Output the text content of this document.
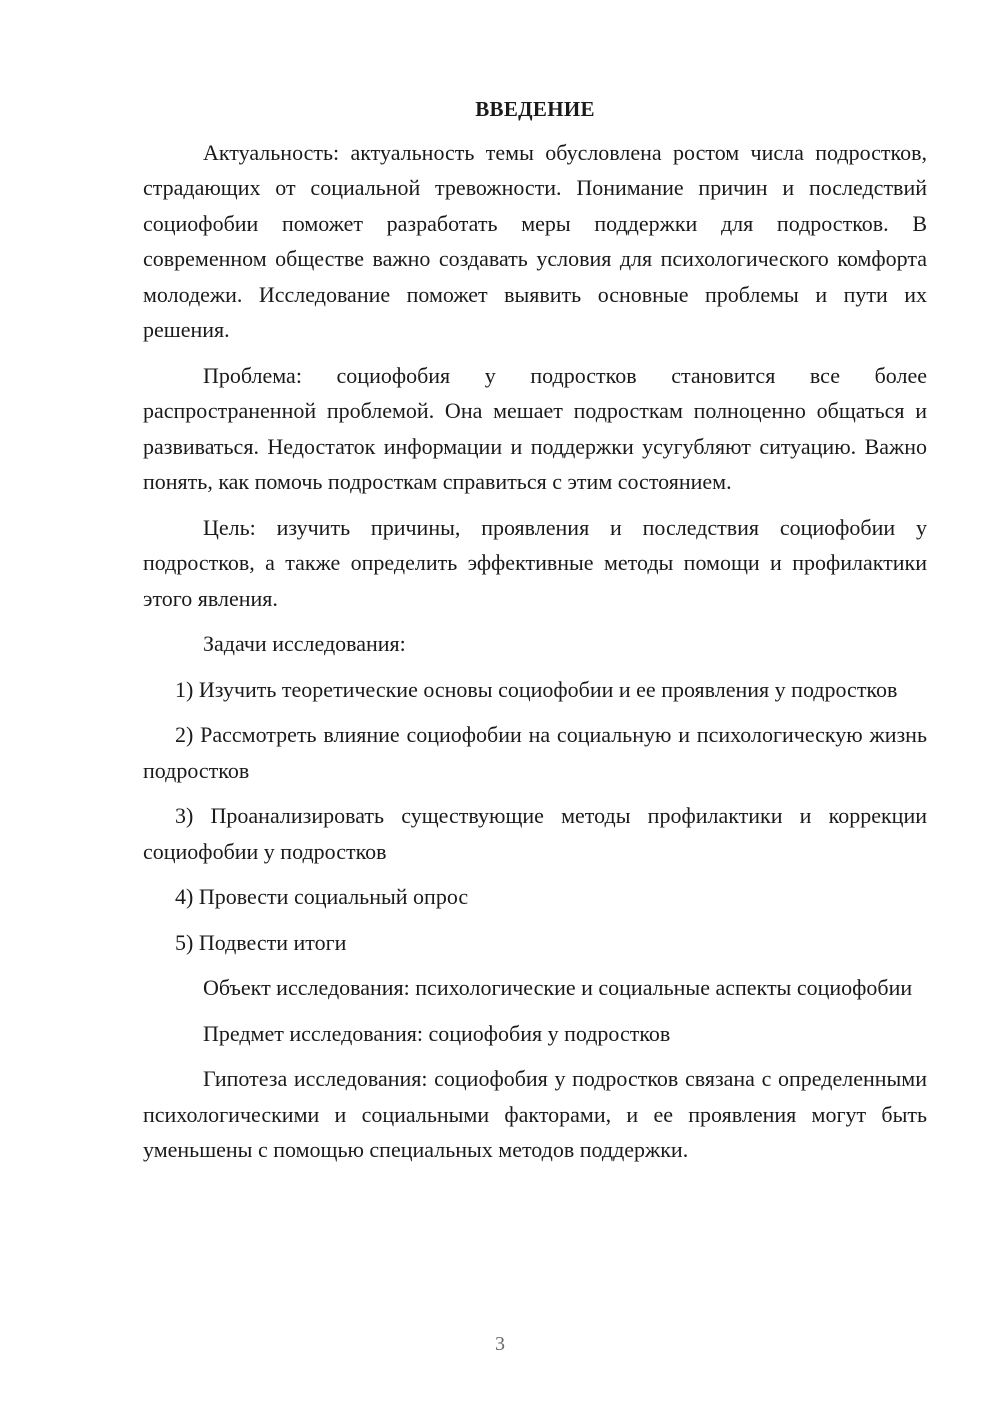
ВВЕДЕНИЕ

Актуальность: актуальность темы обусловлена ростом числа подростков, страдающих от социальной тревожности. Понимание причин и последствий социофобии поможет разработать меры поддержки для подростков. В современном обществе важно создавать условия для психологического комфорта молодежи. Исследование поможет выявить основные проблемы и пути их решения.

Проблема: социофобия у подростков становится все более распространенной проблемой. Она мешает подросткам полноценно общаться и развиваться. Недостаток информации и поддержки усугубляют ситуацию. Важно понять, как помочь подросткам справиться с этим состоянием.

Цель: изучить причины, проявления и последствия социофобии у подростков, а также определить эффективные методы помощи и профилактики этого явления.

Задачи исследования:

1) Изучить теоретические основы социофобии и ее проявления у подростков

2) Рассмотреть влияние социофобии на социальную и психологическую жизнь подростков

3) Проанализировать существующие методы профилактики и коррекции социофобии у подростков

4) Провести социальный опрос

5) Подвести итоги

Объект исследования: психологические и социальные аспекты социофобии

Предмет исследования: социофобия у подростков

Гипотеза исследования: социофобия у подростков связана с определенными психологическими и социальными факторами, и ее проявления могут быть уменьшены с помощью специальных методов поддержки.

3
